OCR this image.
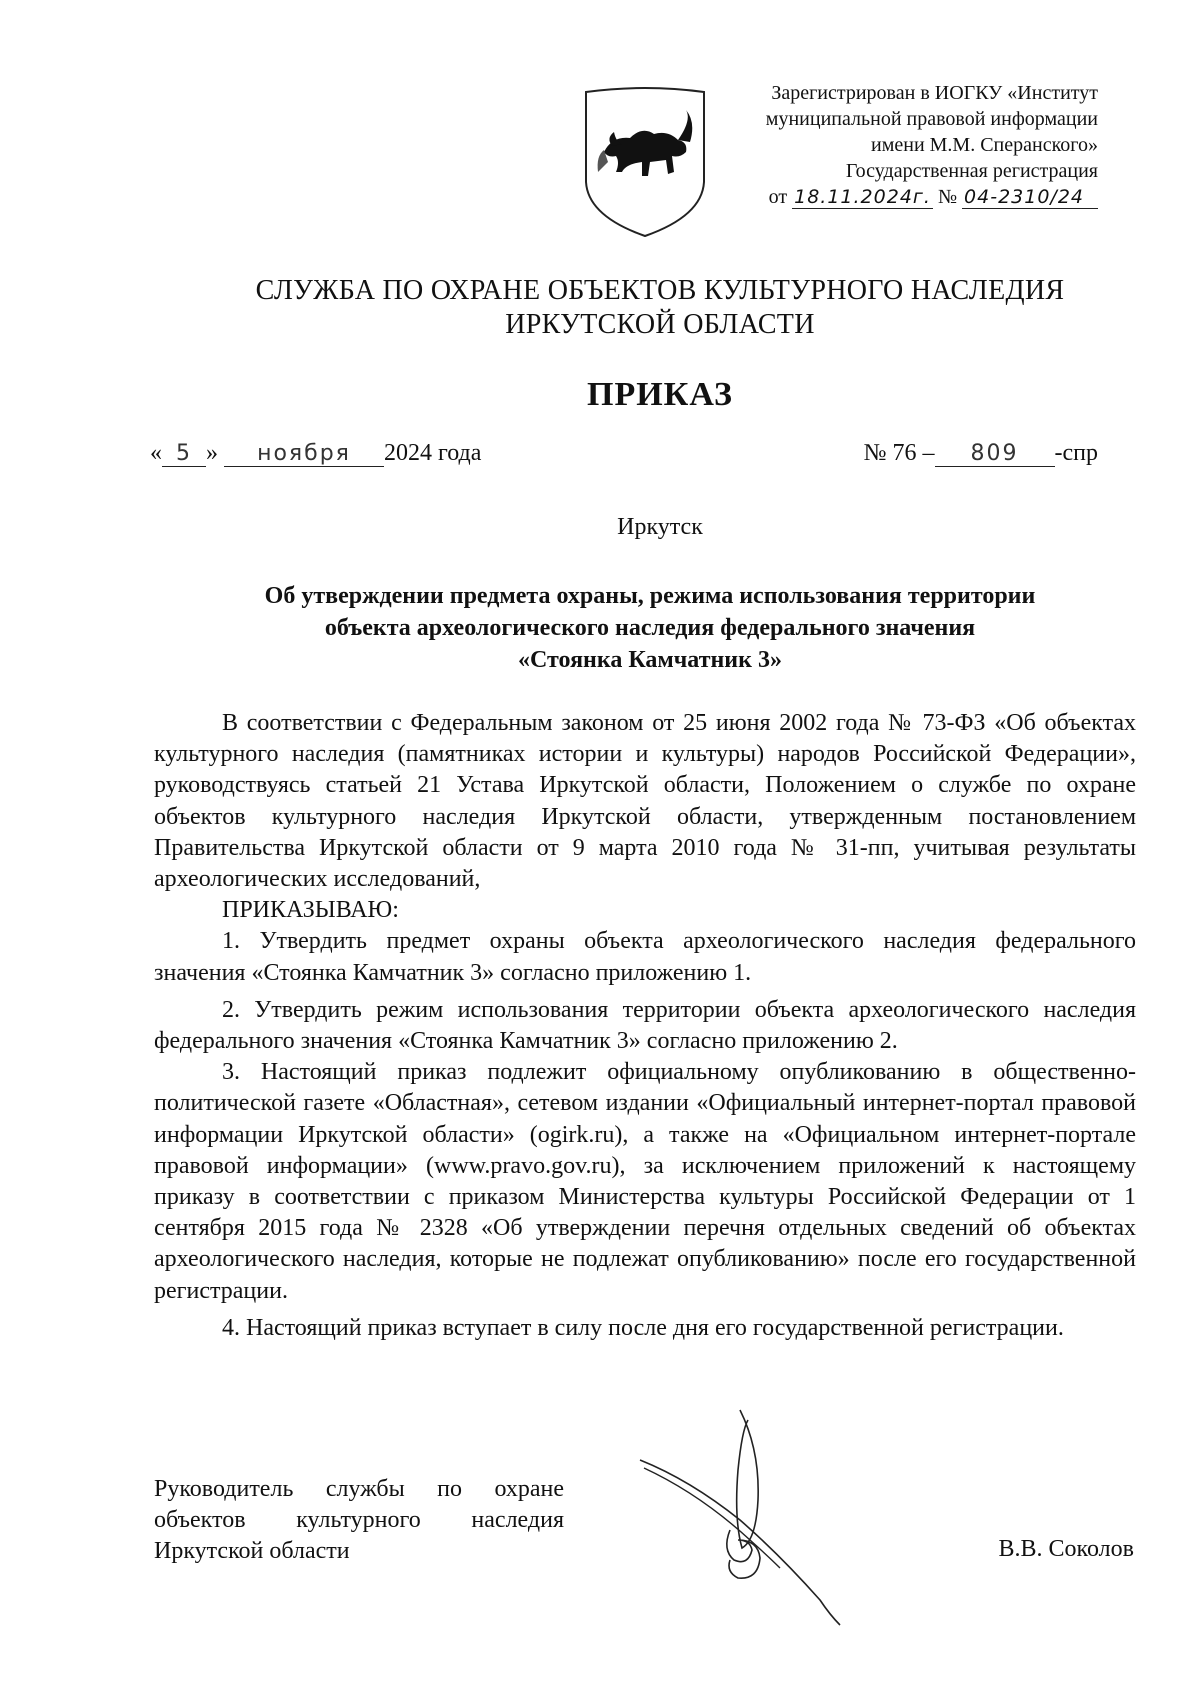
Зарегистрирован в ИОГКУ «Институт
муниципальной правовой информации
имени М.М. Сперанского»
Государственная регистрация
от 18.11.2024г. № 04-2310/24
СЛУЖБА ПО ОХРАНЕ ОБЪЕКТОВ КУЛЬТУРНОГО НАСЛЕДИЯ
ИРКУТСКОЙ ОБЛАСТИ
ПРИКАЗ
« 5 » ноября 2024 года	№ 76 – 809 -спр
Иркутск
Об утверждении предмета охраны, режима использования территории
объекта археологического наследия федерального значения
«Стоянка Камчатник 3»

В соответствии с Федеральным законом от 25 июня 2002 года № 73-ФЗ «Об объектах культурного наследия (памятниках истории и культуры) народов Российской Федерации», руководствуясь статьей 21 Устава Иркутской области, Положением о службе по охране объектов культурного наследия Иркутской области, утвержденным постановлением Правительства Иркутской области от 9 марта 2010 года № 31-пп, учитывая результаты археологических исследований,

ПРИКАЗЫВАЮ:

1. Утвердить предмет охраны объекта археологического наследия федерального значения «Стоянка Камчатник 3» согласно приложению 1.

2. Утвердить режим использования территории объекта археологического наследия федерального значения «Стоянка Камчатник 3» согласно приложению 2.

3. Настоящий приказ подлежит официальному опубликованию в общественно-политической газете «Областная», сетевом издании «Официальный интернет-портал правовой информации Иркутской области» (ogirk.ru), а также на «Официальном интернет-портале правовой информации» (www.pravo.gov.ru), за исключением приложений к настоящему приказу в соответствии с приказом Министерства культуры Российской Федерации от 1 сентября 2015 года № 2328 «Об утверждении перечня отдельных сведений об объектах археологического наследия, которые не подлежат опубликованию» после его государственной регистрации.

4. Настоящий приказ вступает в силу после дня его государственной регистрации.

Руководитель службы по охране объектов культурного наследия Иркутской области	В.В. Соколов
